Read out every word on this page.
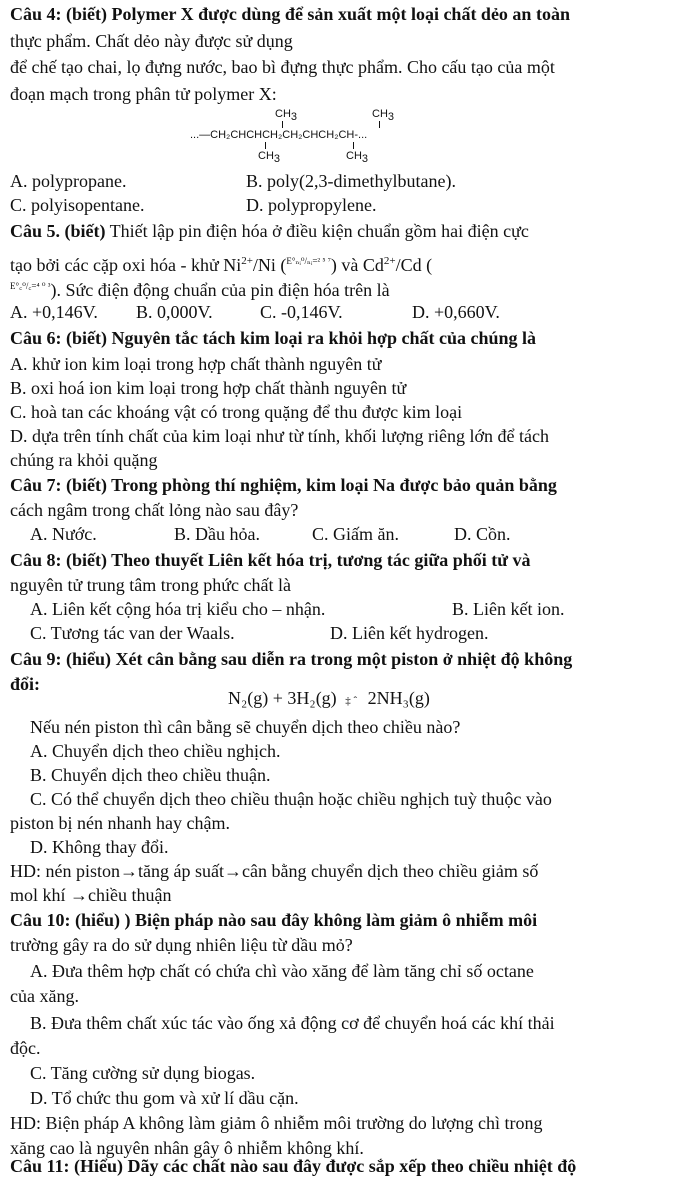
Câu 4: (biết) Polymer X được dùng để sản xuất một loại chất dẻo an toàn
thực phẩm. Chất dẻo này được sử dụng
để chế tạo chai, lọ đựng nước, bao bì đựng thực phẩm. Cho cấu tạo của một
đoạn mạch trong phân tử polymer X:
$CH_3$	$CH_3$
...—CH₂CHCHCH₂CH₂CHCH₂CH-...
$CH_3$	$CH_3$
A. polypropane.	B. poly(2,3-dimethylbutane).
C. polyisopentane.	D. polypropylene.
Câu 5. (biết) Thiết lập pin điện hóa ở điều kiện chuẩn gồm hai điện cực
tạo bởi các cặp oxi hóa - khử $Ni^{2+}/Ni$ ($^{E^\circ_nᵢ^0/_nᵢ=^2 ^5 ^7}$) và $Cd^{2+}/Cd$ (
$^{E^\circ꜀^0/꜀=^4 ^0 ^3}$). Sức điện động chuẩn của pin điện hóa trên là
A. +0,146V.	B. 0,000V.	C. -0,146V.	D. +0,660V.
Câu 6: (biết) Nguyên tắc tách kim loại ra khỏi hợp chất của chúng là
A. khử ion kim loại trong hợp chất thành nguyên tử
B. oxi hoá ion kim loại trong hợp chất thành nguyên tử
C. hoà tan các khoáng vật có trong quặng để thu được kim loại
D. dựa trên tính chất của kim loại như từ tính, khối lượng riêng lớn để tách
chúng ra khỏi quặng
Câu 7: (biết) Trong phòng thí nghiệm, kim loại Na được bảo quản bằng
cách ngâm trong chất lỏng nào sau đây?
A. Nước.	B. Dầu hỏa.	C. Giấm ăn.	D. Cồn.
Câu 8: (biết) Theo thuyết Liên kết hóa trị, tương tác giữa phối tử và
nguyên tử trung tâm trong phức chất là
A. Liên kết cộng hóa trị kiểu cho – nhận.	B. Liên kết ion.
C. Tương tác van der Waals.	D. Liên kết hydrogen.
Câu 9: (hiểu) Xét cân bằng sau diễn ra trong một piston ở nhiệt độ không
đổi:
N₂(g) + 3H₂(g) ‡ ˆ 2NH₃(g)
Nếu nén piston thì cân bằng sẽ chuyển dịch theo chiều nào?
A. Chuyển dịch theo chiều nghịch.
B. Chuyển dịch theo chiều thuận.
C. Có thể chuyển dịch theo chiều thuận hoặc chiều nghịch tuỳ thuộc vào
piston bị nén nhanh hay chậm.
D. Không thay đổi.
HD: nén piston→tăng áp suất→cân bằng chuyển dịch theo chiều giảm số
mol khí →chiều thuận
Câu 10: (hiểu) ) Biện pháp nào sau đây không làm giảm ô nhiễm môi
trường gây ra do sử dụng nhiên liệu từ dầu mỏ?
A. Đưa thêm hợp chất có chứa chì vào xăng để làm tăng chỉ số octane
của xăng.
B. Đưa thêm chất xúc tác vào ống xả động cơ để chuyển hoá các khí thải
độc.
C. Tăng cường sử dụng biogas.
D. Tổ chức thu gom và xử lí dầu cặn.
HD: Biện pháp A không làm giảm ô nhiễm môi trường do lượng chì trong
xăng cao là nguyên nhân gây ô nhiễm không khí.
Câu 11: (Hiểu) Dãy các chất nào sau đây được sắp xếp theo chiều nhiệt độ
